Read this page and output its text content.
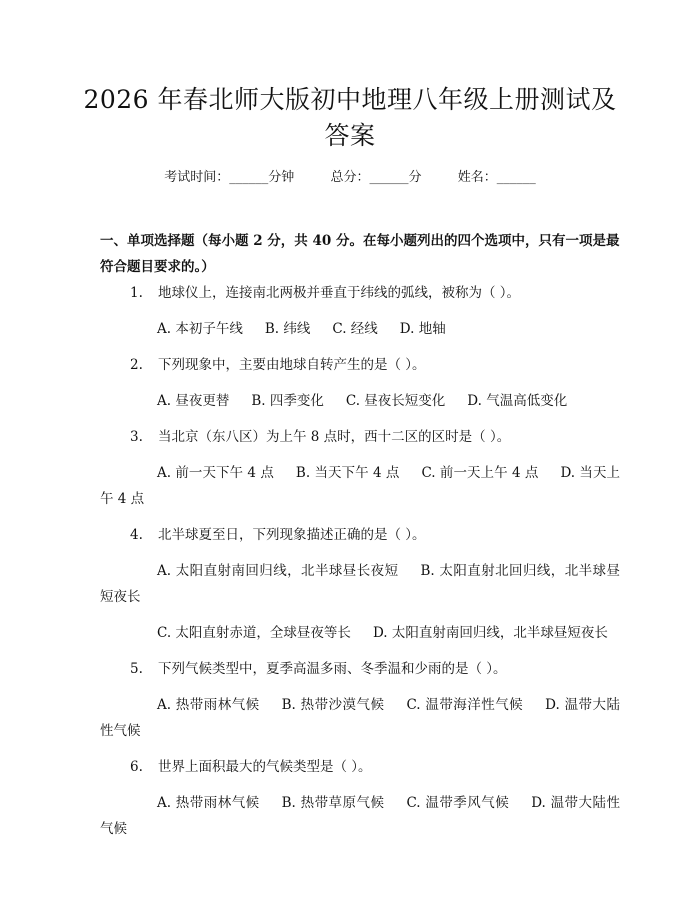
2026 年春北师大版初中地理八年级上册测试及答案
考试时间：______分钟	总分：______分	姓名：______
一、单项选择题（每小题 2 分，共 40 分。在每小题列出的四个选项中，只有一项是最符合题目要求的。）
1. 地球仪上，连接南北两极并垂直于纬线的弧线，被称为（ ）。
A. 本初子午线 B. 纬线 C. 经线 D. 地轴
2. 下列现象中，主要由地球自转产生的是（ ）。
A. 昼夜更替 B. 四季变化 C. 昼夜长短变化 D. 气温高低变化
3. 当北京（东八区）为上午 8 点时，西十二区的区时是（ ）。
A. 前一天下午 4 点 B. 当天下午 4 点 C. 前一天上午 4 点 D. 当天上午 4 点
4. 北半球夏至日，下列现象描述正确的是（ ）。
A. 太阳直射南回归线，北半球昼长夜短 B. 太阳直射北回归线，北半球昼短夜长
C. 太阳直射赤道，全球昼夜等长 D. 太阳直射南回归线，北半球昼短夜长
5. 下列气候类型中，夏季高温多雨、冬季温和少雨的是（ ）。
A. 热带雨林气候 B. 热带沙漠气候 C. 温带海洋性气候 D. 温带大陆性气候
6. 世界上面积最大的气候类型是（ ）。
A. 热带雨林气候 B. 热带草原气候 C. 温带季风气候 D. 温带大陆性气候
